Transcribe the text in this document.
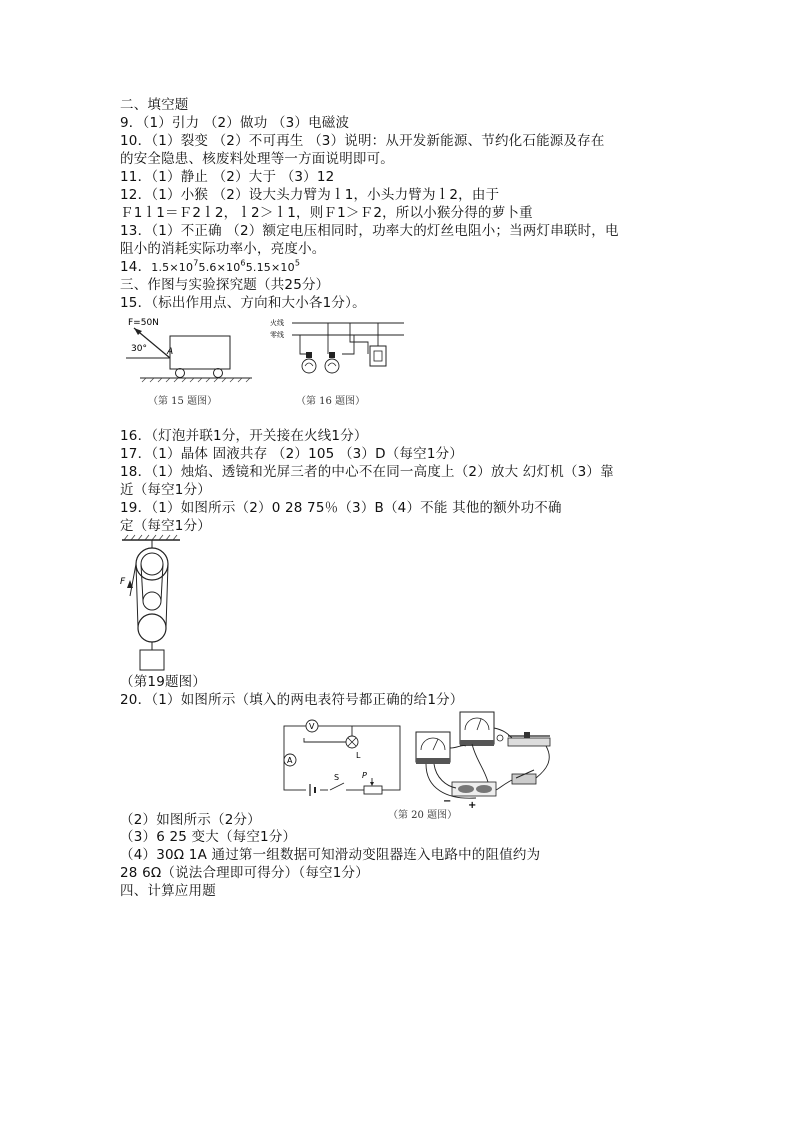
二、填空题
9．（1）引力 （2）做功 （3）电磁波
10．（1）裂变 （2）不可再生 （3）说明：从开发新能源、节约化石能源及存在
的安全隐患、核废料处理等一方面说明即可。
11．（1）静止 （2）大于 （3）12
12．（1）小猴 （2）设大头力臂为ｌ1，小头力臂为ｌ2，由于
Ｆ1ｌ1＝Ｆ2ｌ2，ｌ2＞ｌ1，则Ｆ1＞Ｆ2，所以小猴分得的萝卜重
13．（1）不正确 （2）额定电压相同时，功率大的灯丝电阻小；当两灯串联时，电
阻小的消耗实际功率小，亮度小。
14．$1.5\times 10^75.6\times 10^65.15\times 10^5$
三、作图与实验探究题（共25分）
15．（标出作用点、方向和大小各1分）。
F=50N
30° A
（第 15 题图）
火线
零线
（第 16 题图）
16．（灯泡并联1分，开关接在火线1分）
17．（1）晶体 固液共存 （2）105 （3）D（每空1分）
18．（1）烛焰、透镜和光屏三者的中心不在同一高度上（2）放大 幻灯机（3）靠
近（每空1分）
19．（1）如图所示（2）0 28 75％（3）B（4）不能 其他的额外功不确
定（每空1分）
F
（第19题图）
20．（1）如图所示（填入的两电表符号都正确的给1分）
V
L
A
S	P
+
−
（第 20 题图）
（2）如图所示（2分）
（3）6 25 变大（每空1分）
（4）30Ω 1A 通过第一组数据可知滑动变阻器连入电路中的阻值约为
28 6Ω（说法合理即可得分）（每空1分）
四、计算应用题
